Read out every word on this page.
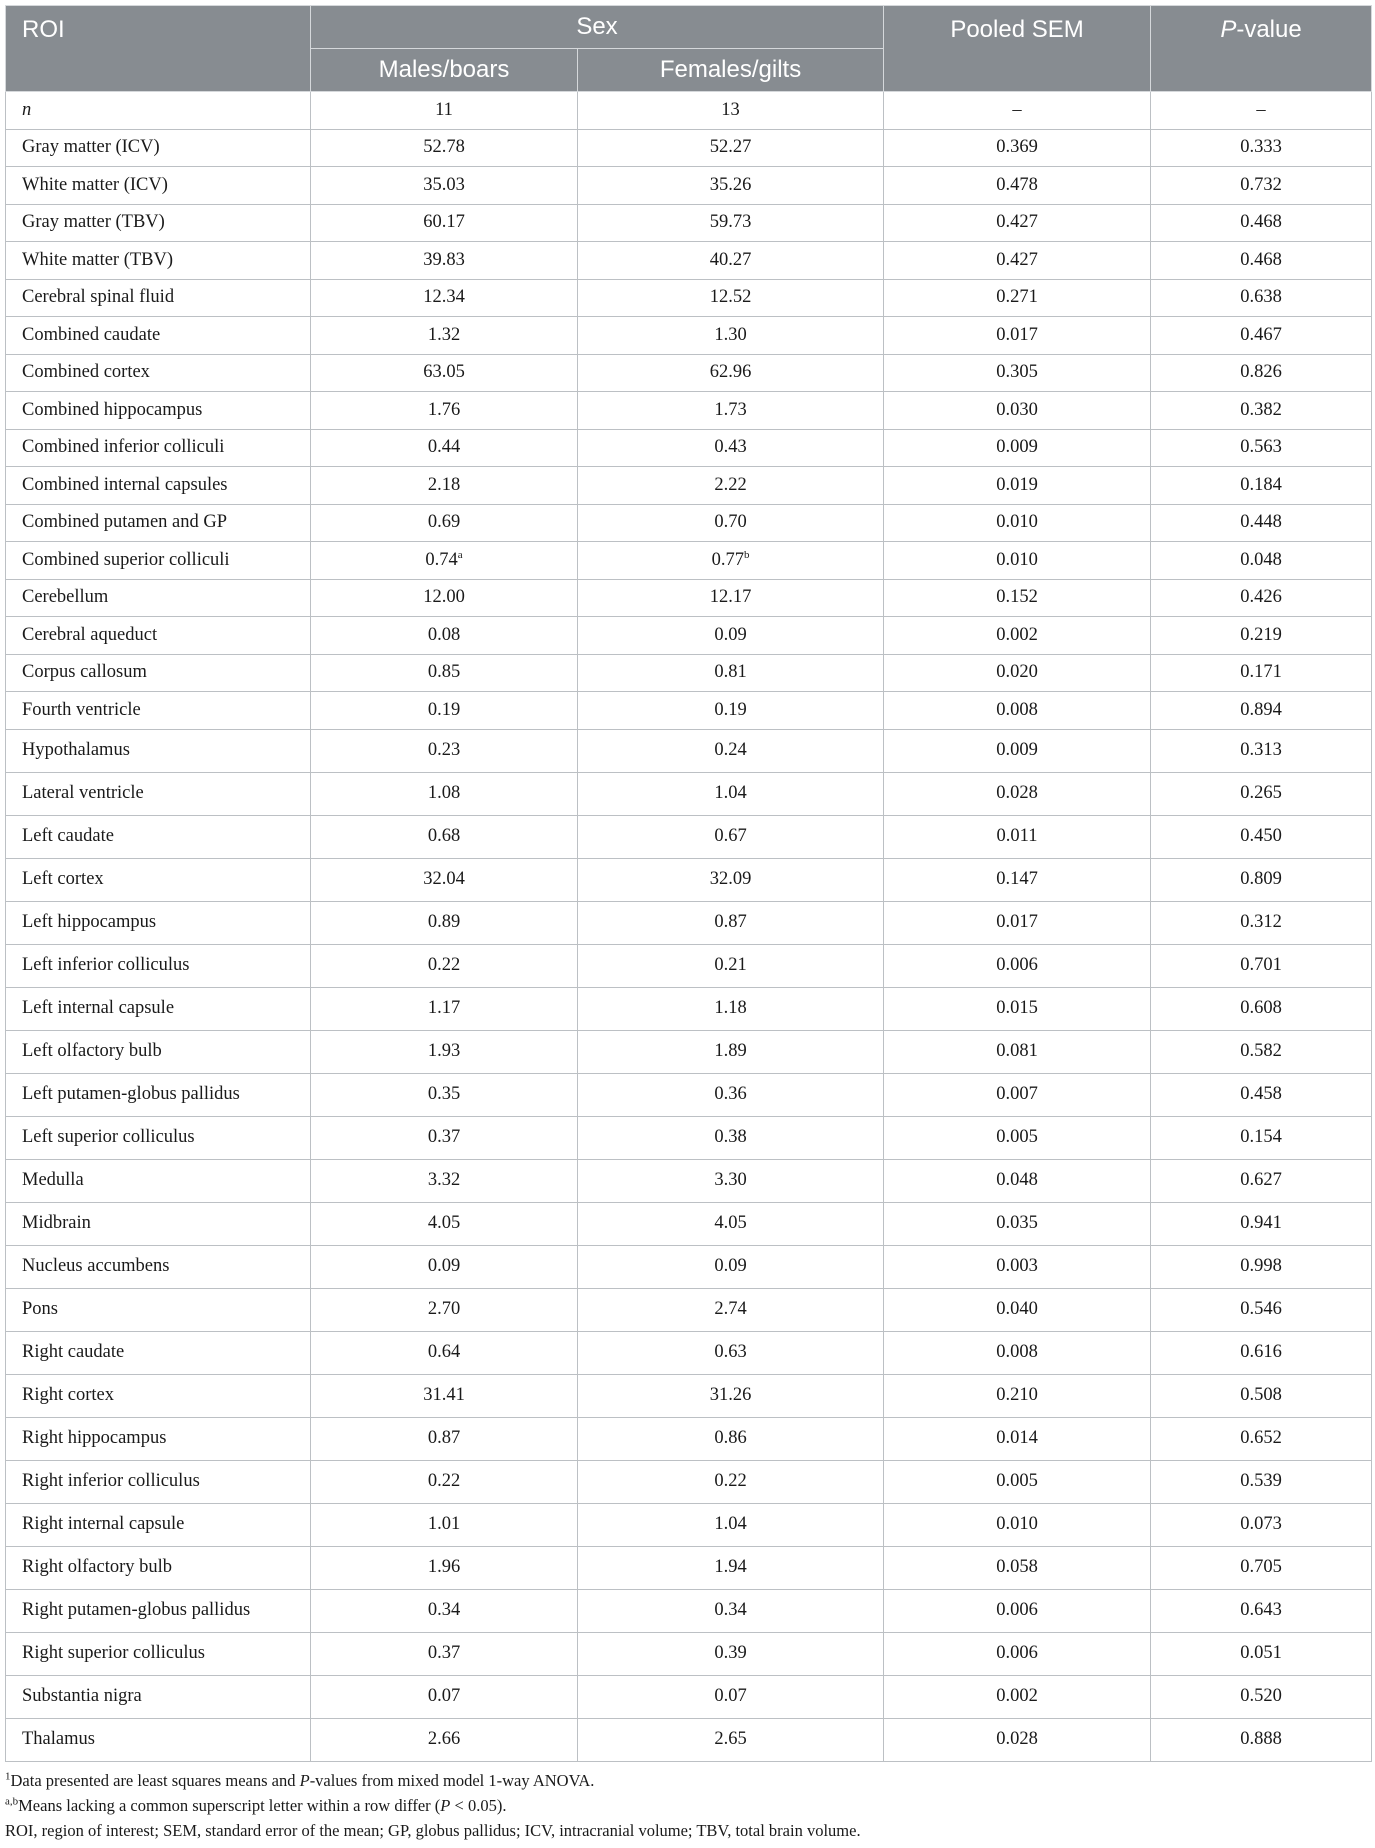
ROI	Sex		Pooled SEM	P-value
	Males/boars	Females/gilts		
n	11	13	–	–
Gray matter (ICV)	52.78	52.27	0.369	0.333
White matter (ICV)	35.03	35.26	0.478	0.732
Gray matter (TBV)	60.17	59.73	0.427	0.468
White matter (TBV)	39.83	40.27	0.427	0.468
Cerebral spinal fluid	12.34	12.52	0.271	0.638
Combined caudate	1.32	1.30	0.017	0.467
Combined cortex	63.05	62.96	0.305	0.826
Combined hippocampus	1.76	1.73	0.030	0.382
Combined inferior colliculi	0.44	0.43	0.009	0.563
Combined internal capsules	2.18	2.22	0.019	0.184
Combined putamen and GP	0.69	0.70	0.010	0.448
Combined superior colliculi	0.74$^a$	0.77$^b$	0.010	0.048
Cerebellum	12.00	12.17	0.152	0.426
Cerebral aqueduct	0.08	0.09	0.002	0.219
Corpus callosum	0.85	0.81	0.020	0.171
Fourth ventricle	0.19	0.19	0.008	0.894
Hypothalamus	0.23	0.24	0.009	0.313
Lateral ventricle	1.08	1.04	0.028	0.265
Left caudate	0.68	0.67	0.011	0.450
Left cortex	32.04	32.09	0.147	0.809
Left hippocampus	0.89	0.87	0.017	0.312
Left inferior colliculus	0.22	0.21	0.006	0.701
Left internal capsule	1.17	1.18	0.015	0.608
Left olfactory bulb	1.93	1.89	0.081	0.582
Left putamen-globus pallidus	0.35	0.36	0.007	0.458
Left superior colliculus	0.37	0.38	0.005	0.154
Medulla	3.32	3.30	0.048	0.627
Midbrain	4.05	4.05	0.035	0.941
Nucleus accumbens	0.09	0.09	0.003	0.998
Pons	2.70	2.74	0.040	0.546
Right caudate	0.64	0.63	0.008	0.616
Right cortex	31.41	31.26	0.210	0.508
Right hippocampus	0.87	0.86	0.014	0.652
Right inferior colliculus	0.22	0.22	0.005	0.539
Right internal capsule	1.01	1.04	0.010	0.073
Right olfactory bulb	1.96	1.94	0.058	0.705
Right putamen-globus pallidus	0.34	0.34	0.006	0.643
Right superior colliculus	0.37	0.39	0.006	0.051
Substantia nigra	0.07	0.07	0.002	0.520
Thalamus	2.66	2.65	0.028	0.888

$^1$Data presented are least squares means and P-values from mixed model 1-way ANOVA.

$^{a,b}$Means lacking a common superscript letter within a row differ (P < 0.05).

ROI, region of interest; SEM, standard error of the mean; GP, globus pallidus; ICV, intracranial volume; TBV, total brain volume.
